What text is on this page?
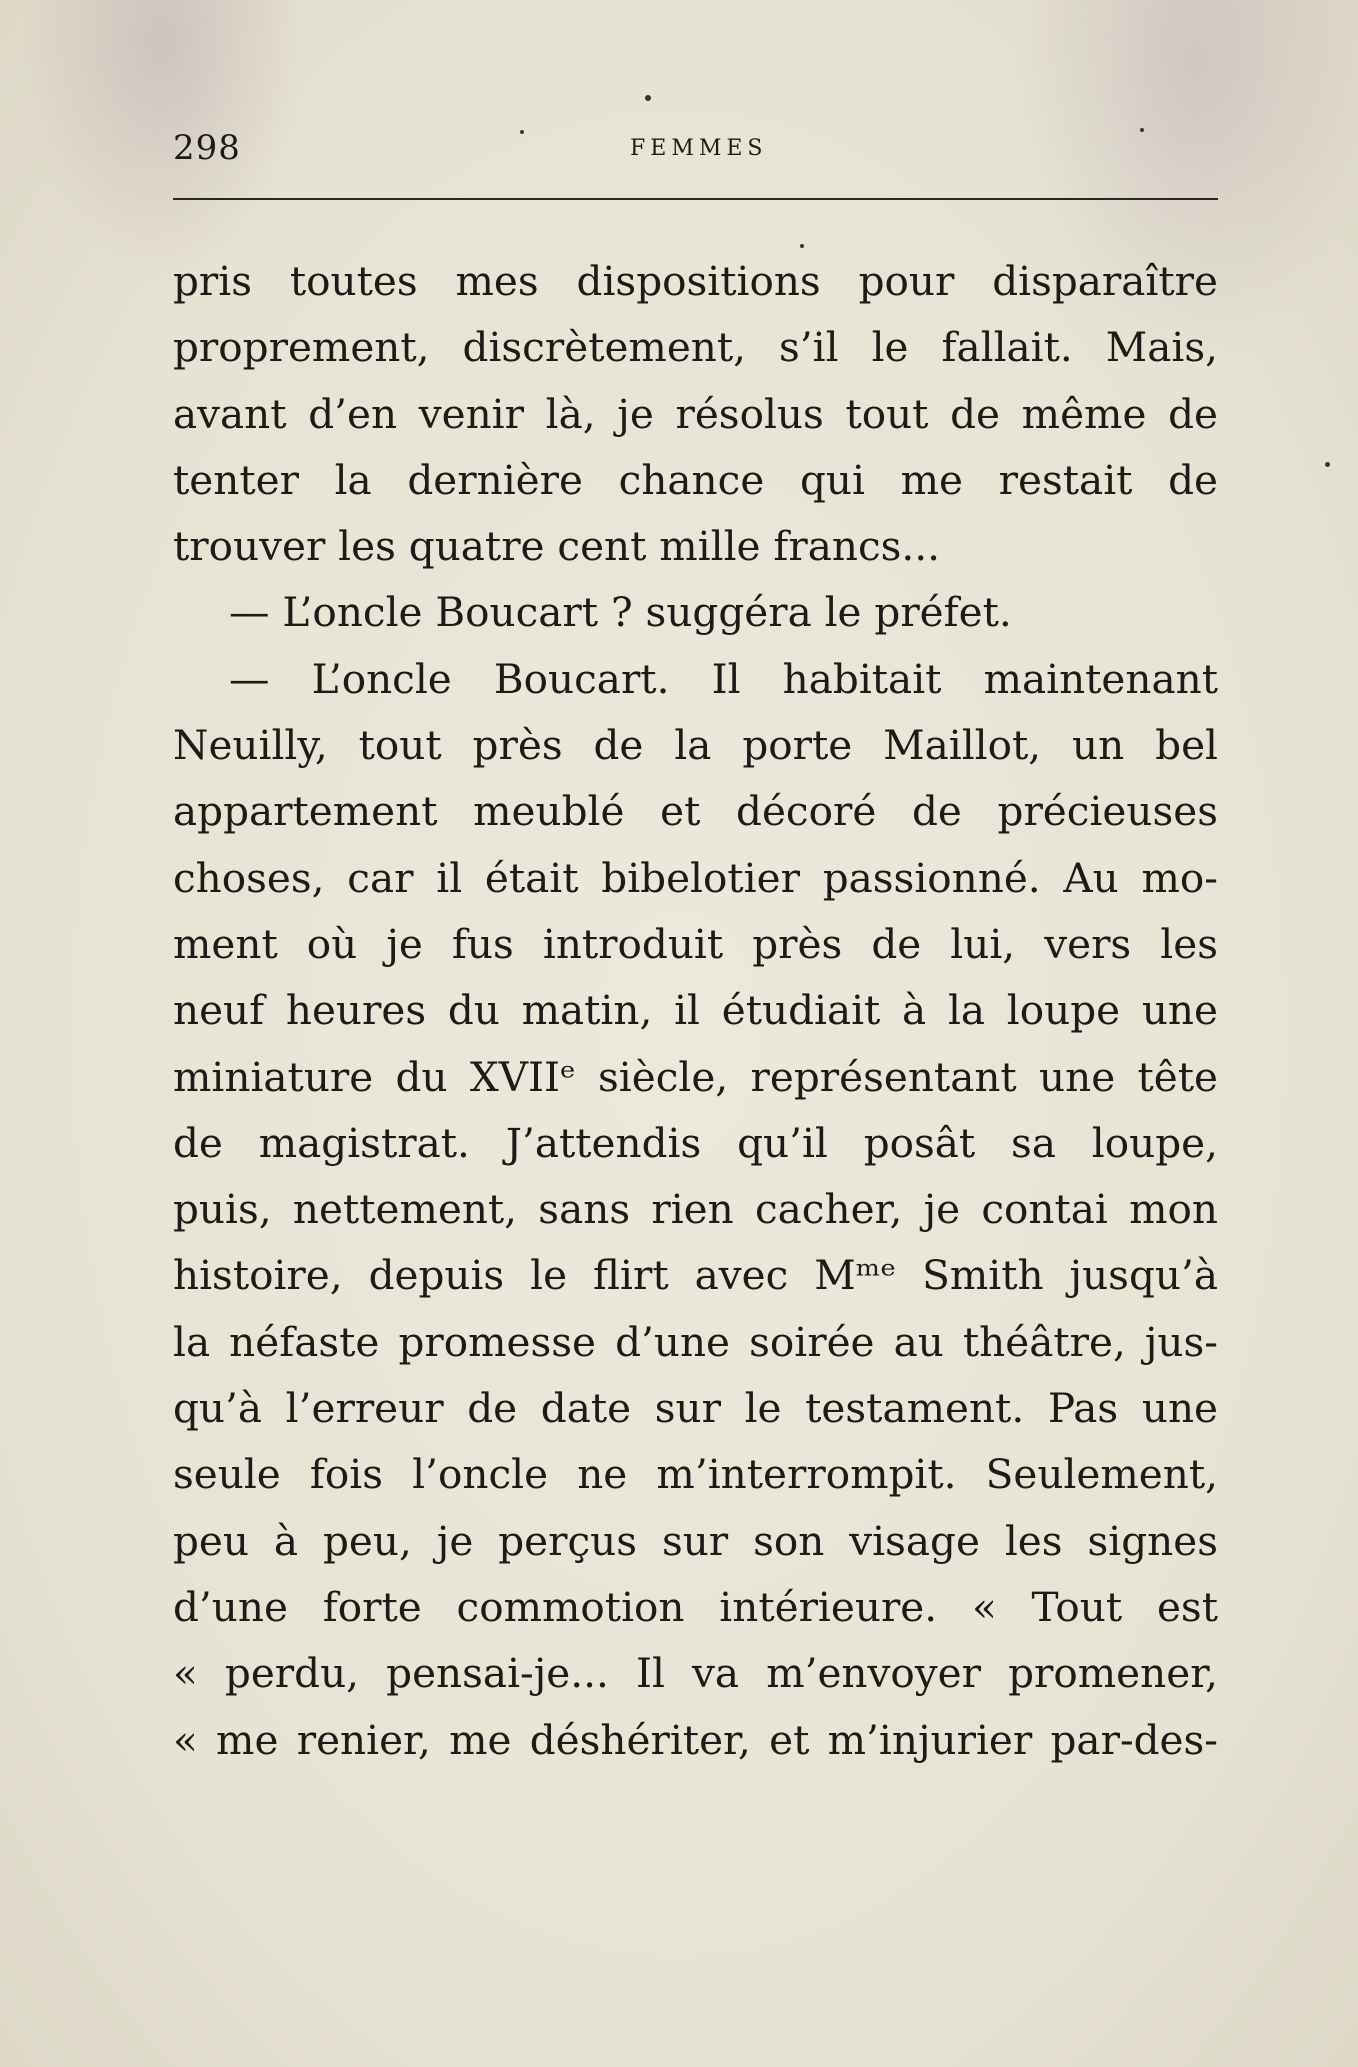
298	FEMMES
pris toutes mes dispositions pour disparaître
proprement, discrètement, s’il le fallait. Mais,
avant d’en venir là, je résolus tout de même de
tenter la dernière chance qui me restait de
trouver les quatre cent mille francs...
— L’oncle Boucart ? suggéra le préfet.
— L’oncle Boucart. Il habitait maintenant
Neuilly, tout près de la porte Maillot, un bel
appartement meublé et décoré de précieuses
choses, car il était bibelotier passionné. Au mo-
ment où je fus introduit près de lui, vers les
neuf heures du matin, il étudiait à la loupe une
miniature du XVIIᵉ siècle, représentant une tête
de magistrat. J’attendis qu’il posât sa loupe,
puis, nettement, sans rien cacher, je contai mon
histoire, depuis le flirt avec Mᵐᵉ Smith jusqu’à
la néfaste promesse d’une soirée au théâtre, jus-
qu’à l’erreur de date sur le testament. Pas une
seule fois l’oncle ne m’interrompit. Seulement,
peu à peu, je perçus sur son visage les signes
d’une forte commotion intérieure. « Tout est
« perdu, pensai-je... Il va m’envoyer promener,
« me renier, me déshériter, et m’injurier par-des-
